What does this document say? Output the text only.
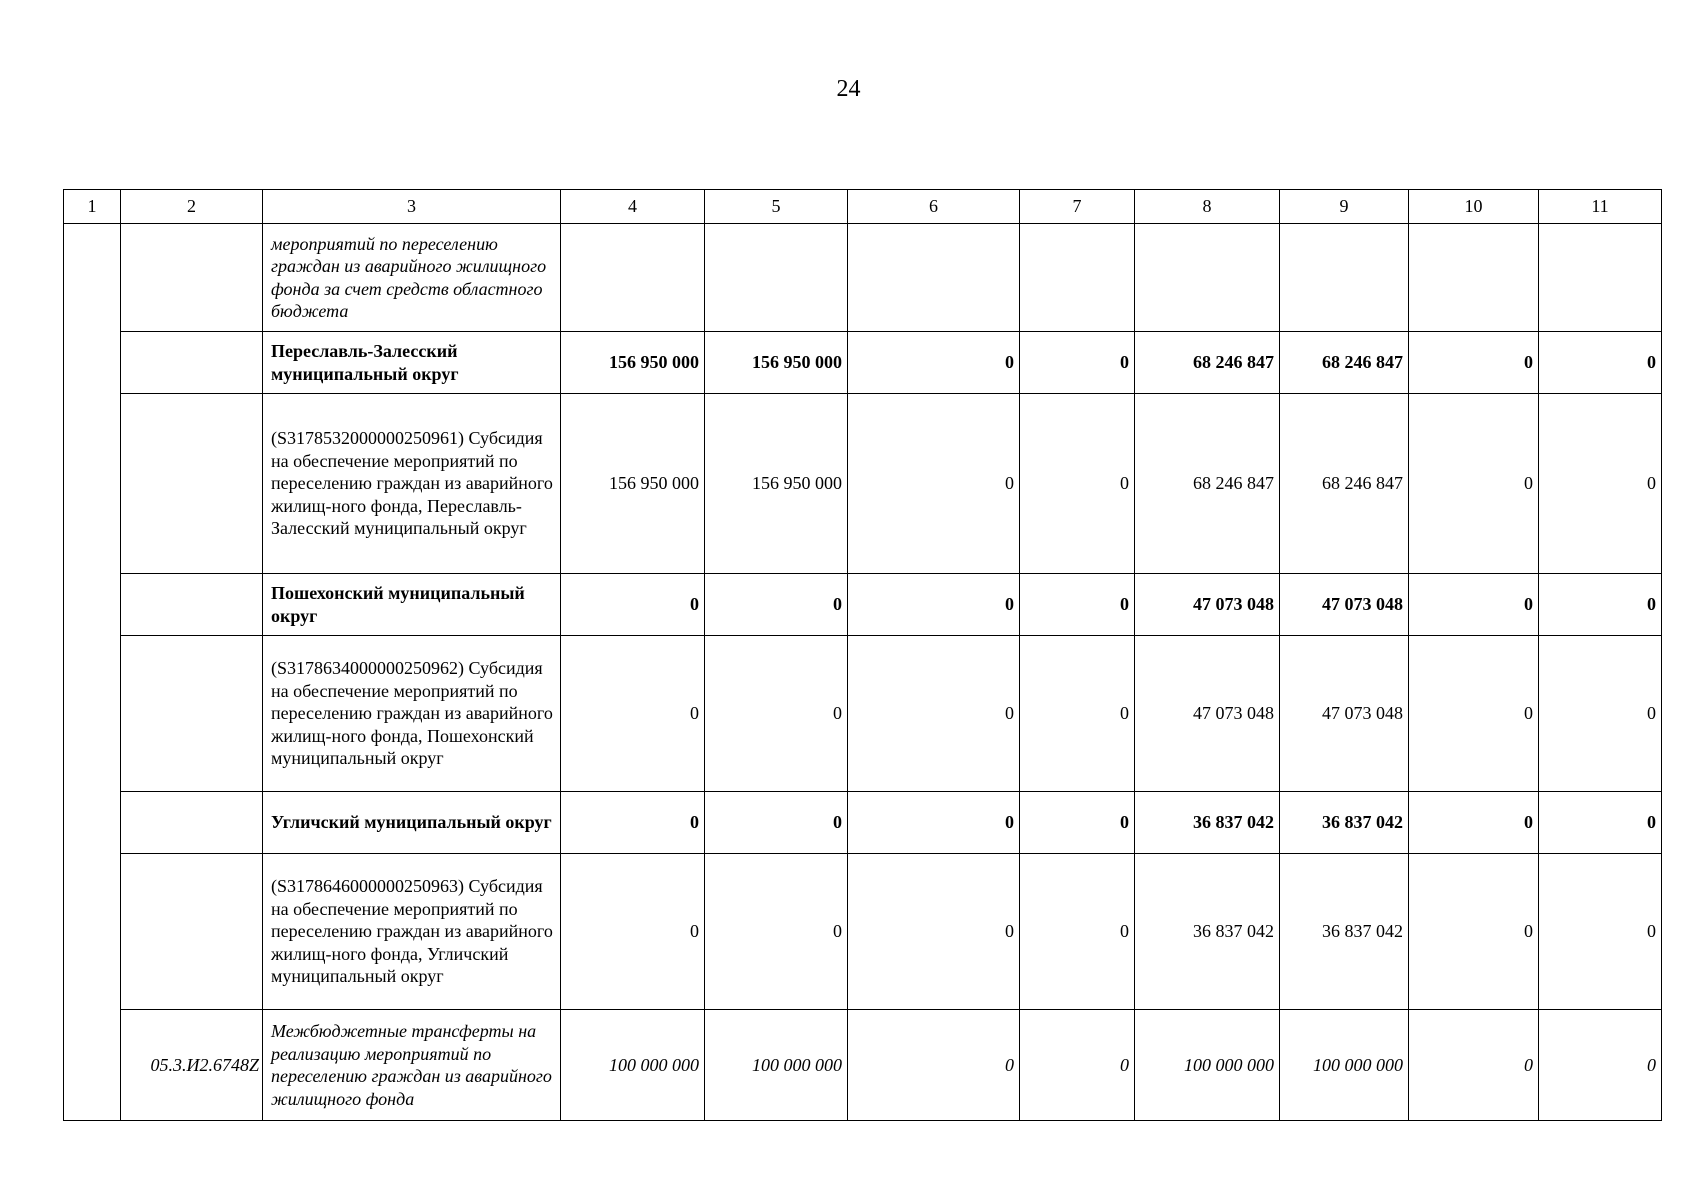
24
1	2	3	4	5	6	7	8	9	10	11
		мероприятий по переселению граждан из аварийного жилищного фонда за счет средств областного бюджета								
		Переславль-Залесский муниципальный округ	156 950 000	156 950 000	0	0	68 246 847	68 246 847	0	0
		(S3178532000000250961) Субсидия на обеспечение мероприятий по переселению граждан из аварийного жилищ-ного фонда, Переславль-Залесский муниципальный округ	156 950 000	156 950 000	0	0	68 246 847	68 246 847	0	0
		Пошехонский муниципальный округ	0	0	0	0	47 073 048	47 073 048	0	0
		(S3178634000000250962) Субсидия на обеспечение мероприятий по переселению граждан из аварийного жилищ-ного фонда, Пошехонский муниципальный округ	0	0	0	0	47 073 048	47 073 048	0	0
		Угличский муниципальный округ	0	0	0	0	36 837 042	36 837 042	0	0
		(S3178646000000250963) Субсидия на обеспечение мероприятий по переселению граждан из аварийного жилищ-ного фонда, Угличский муниципальный округ	0	0	0	0	36 837 042	36 837 042	0	0
	05.3.И2.6748Z	Межбюджетные трансферты на реализацию мероприятий по переселению граждан из аварийного жилищного фонда	100 000 000	100 000 000	0	0	100 000 000	100 000 000	0	0
